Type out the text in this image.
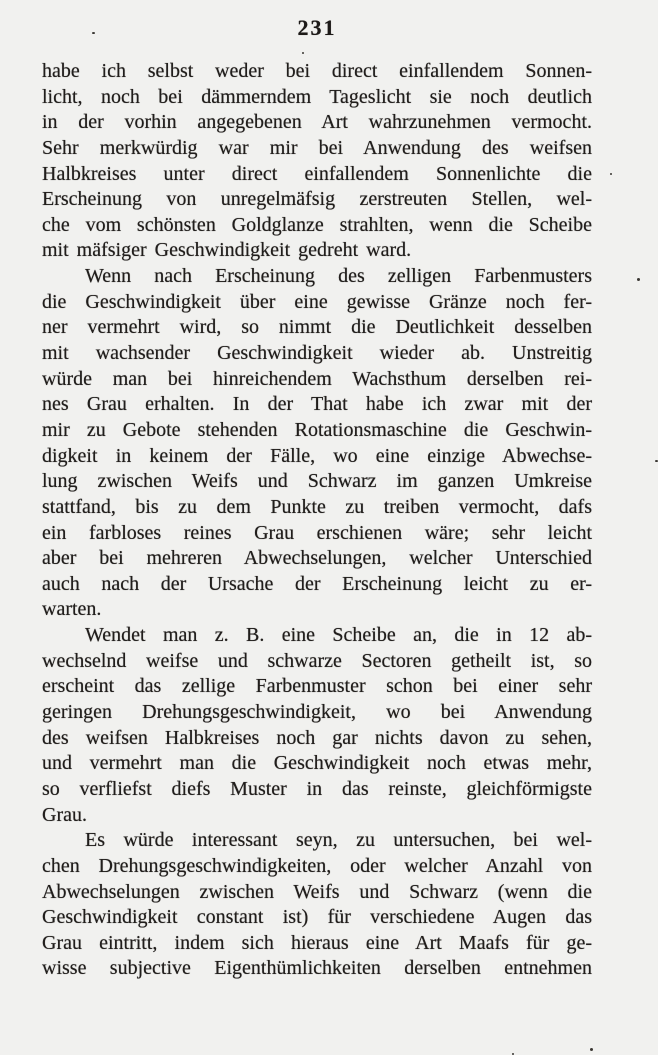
231
habe ich selbst weder bei direct einfallendem Sonnen-
licht, noch bei dämmerndem Tageslicht sie noch deutlich
in der vorhin angegebenen Art wahrzunehmen vermocht.
Sehr merkwürdig war mir bei Anwendung des weifsen
Halbkreises unter direct einfallendem Sonnenlichte die
Erscheinung von unregelmäfsig zerstreuten Stellen, wel-
che vom schönsten Goldglanze strahlten, wenn die Scheibe
mit mäfsiger Geschwindigkeit gedreht ward.
Wenn nach Erscheinung des zelligen Farbenmusters
die Geschwindigkeit über eine gewisse Gränze noch fer-
ner vermehrt wird, so nimmt die Deutlichkeit desselben
mit wachsender Geschwindigkeit wieder ab. Unstreitig
würde man bei hinreichendem Wachsthum derselben rei-
nes Grau erhalten. In der That habe ich zwar mit der
mir zu Gebote stehenden Rotationsmaschine die Geschwin-
digkeit in keinem der Fälle, wo eine einzige Abwechse-
lung zwischen Weifs und Schwarz im ganzen Umkreise
stattfand, bis zu dem Punkte zu treiben vermocht, dafs
ein farbloses reines Grau erschienen wäre; sehr leicht
aber bei mehreren Abwechselungen, welcher Unterschied
auch nach der Ursache der Erscheinung leicht zu er-
warten.
Wendet man z. B. eine Scheibe an, die in 12 ab-
wechselnd weifse und schwarze Sectoren getheilt ist, so
erscheint das zellige Farbenmuster schon bei einer sehr
geringen Drehungsgeschwindigkeit, wo bei Anwendung
des weifsen Halbkreises noch gar nichts davon zu sehen,
und vermehrt man die Geschwindigkeit noch etwas mehr,
so verfliefst diefs Muster in das reinste, gleichförmigste
Grau.
Es würde interessant seyn, zu untersuchen, bei wel-
chen Drehungsgeschwindigkeiten, oder welcher Anzahl von
Abwechselungen zwischen Weifs und Schwarz (wenn die
Geschwindigkeit constant ist) für verschiedene Augen das
Grau eintritt, indem sich hieraus eine Art Maafs für ge-
wisse subjective Eigenthümlichkeiten derselben entnehmen
